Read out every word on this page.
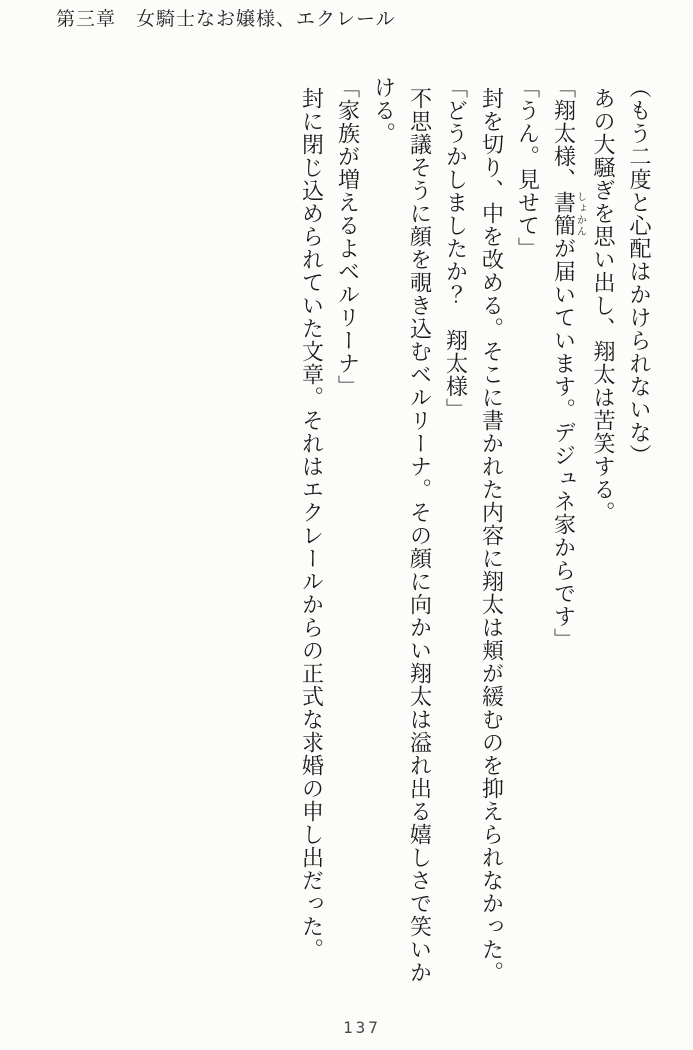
第三章　女騎士なお嬢様、エクレール

（もう二度と心配はかけられないな）

あの大騒ぎを思い出し、翔太は苦笑する。

「翔太様、書簡しょかんが届いています。デジュネ家からです」

「うん。見せて」

封を切り、中を改める。そこに書かれた内容に翔太は頬が緩むのを抑えられなかった。

「どうかしましたか？　翔太様」

不思議そうに顔を覗き込むベルリーナ。その顔に向かい翔太は溢れ出る嬉しさで笑いかける。

「家族が増えるよベルリーナ」

封に閉じ込められていた文章。それはエクレールからの正式な求婚の申し出だった。

137
